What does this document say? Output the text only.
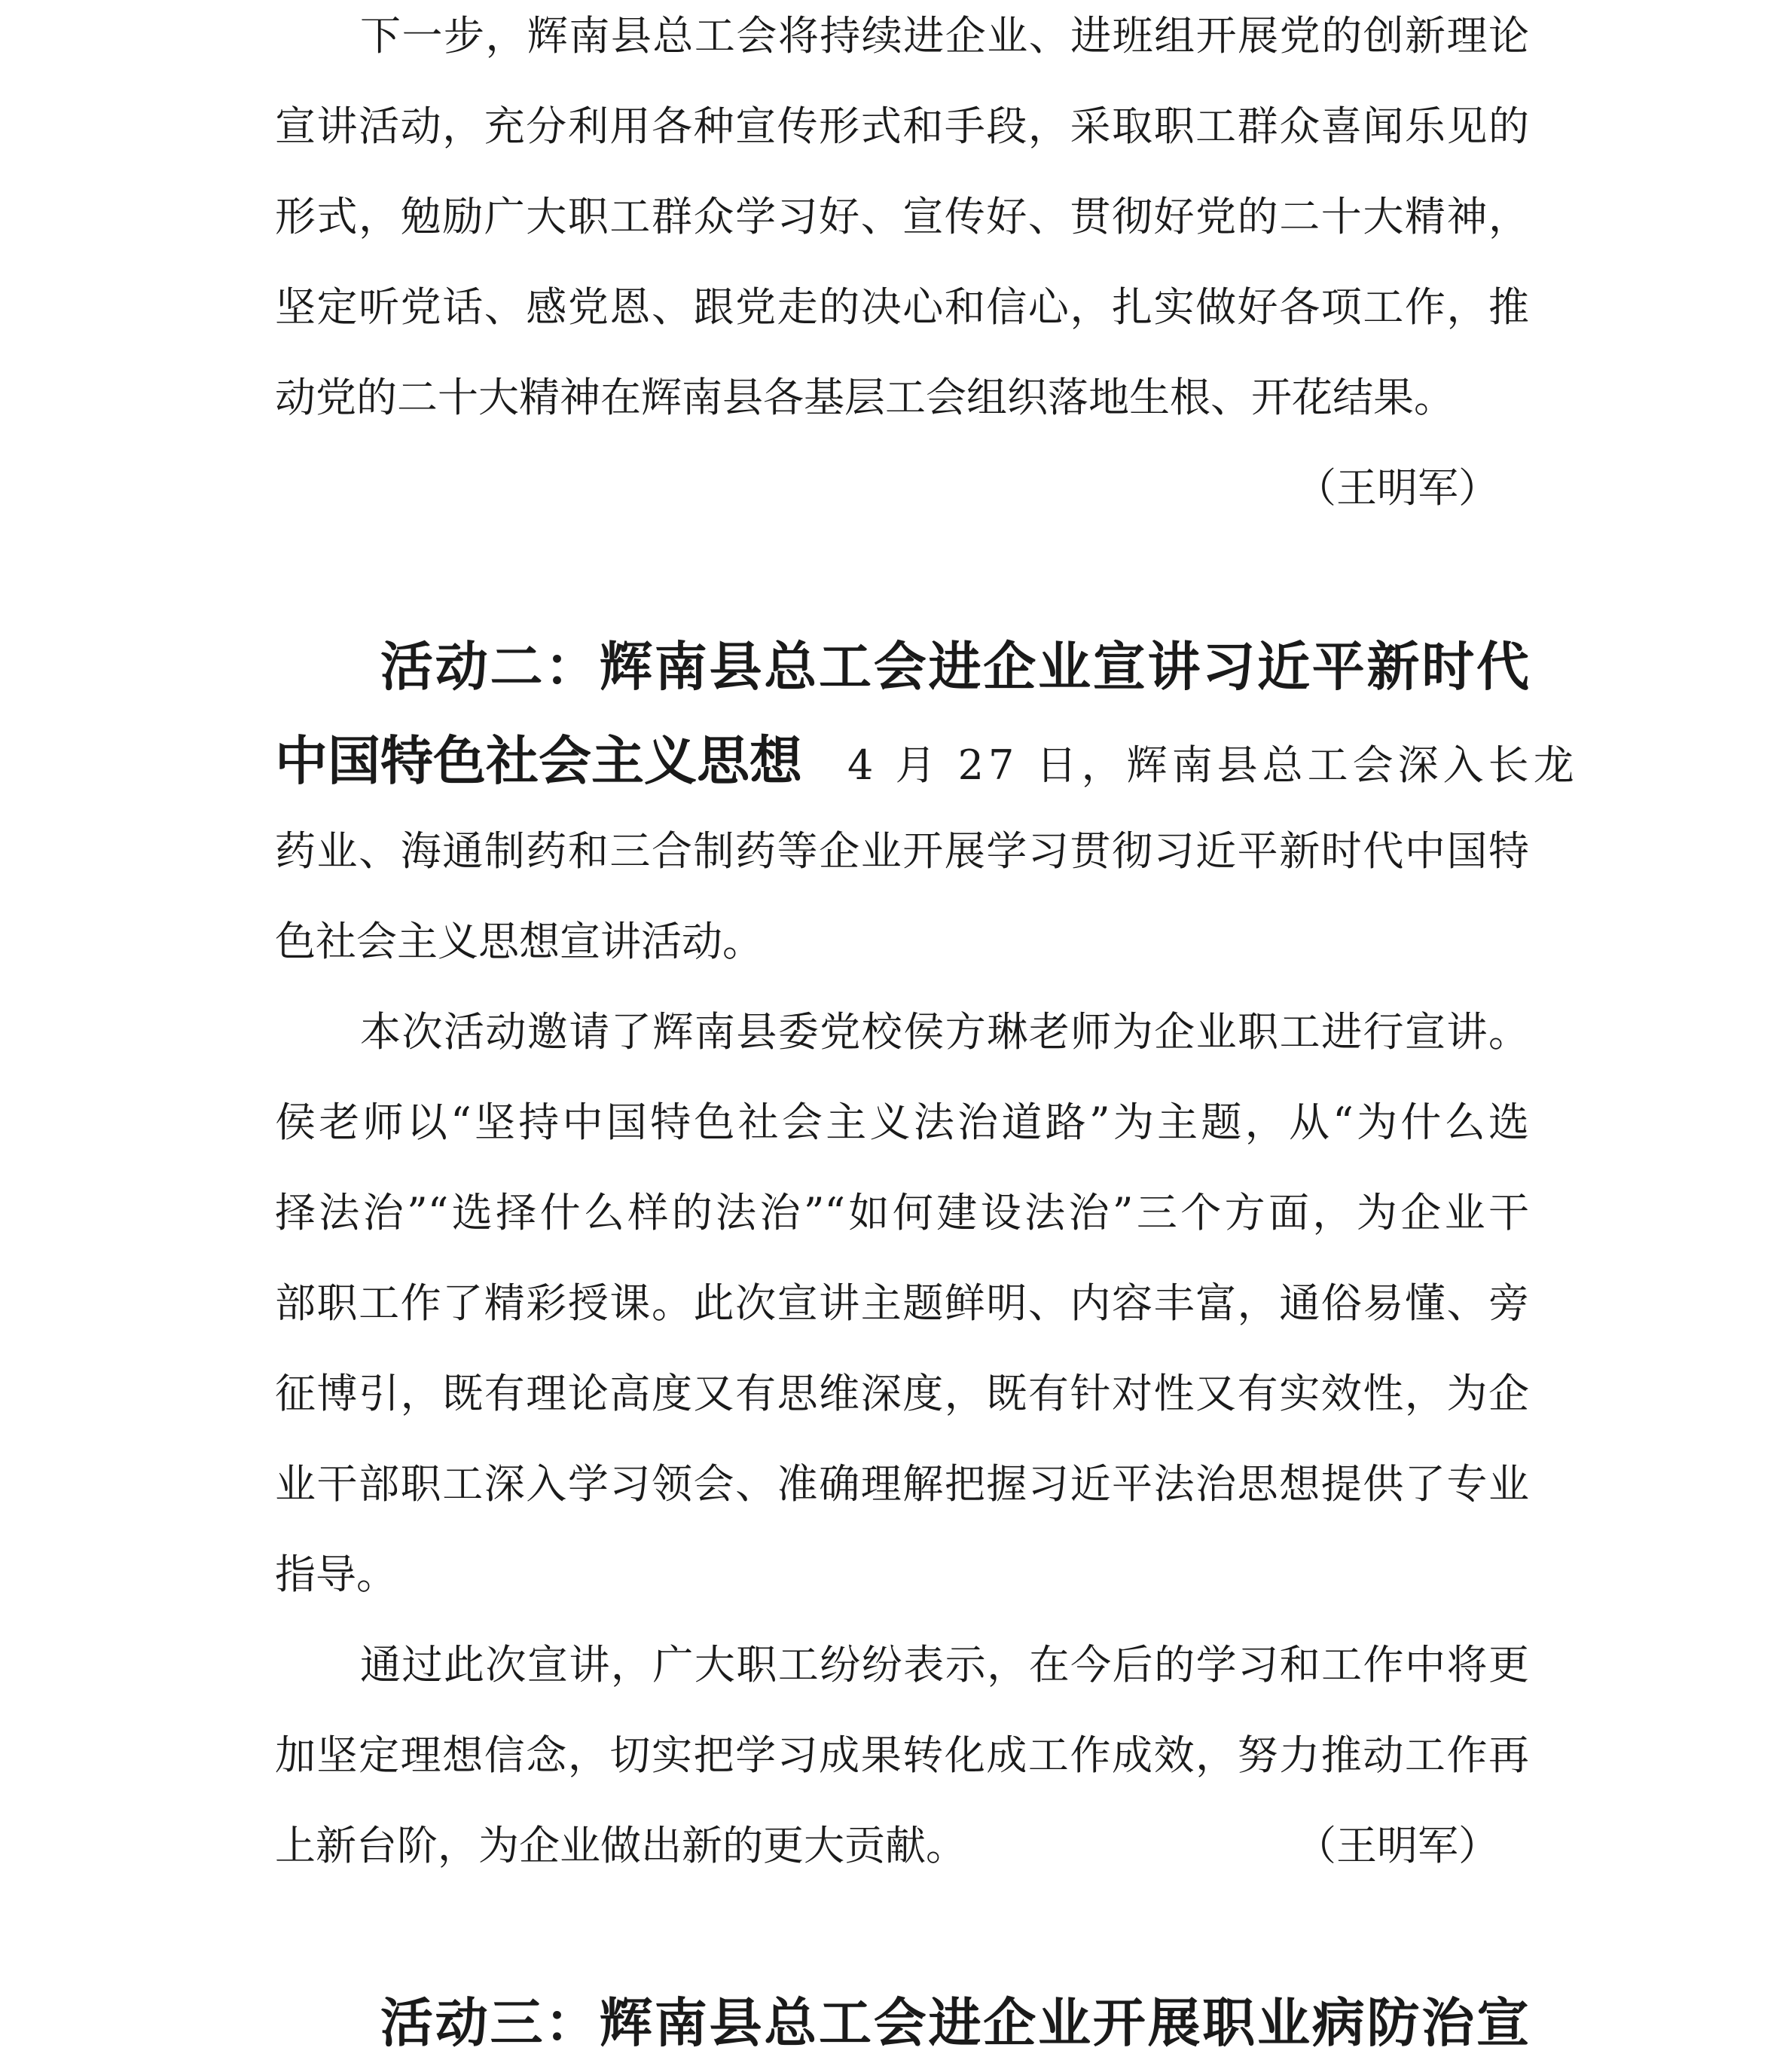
下一步，辉南县总工会将持续进企业、进班组开展党的创新理论
宣讲活动，充分利用各种宣传形式和手段，采取职工群众喜闻乐见的
形式，勉励广大职工群众学习好、宣传好、贯彻好党的二十大精神，
坚定听党话、感党恩、跟党走的决心和信心，扎实做好各项工作，推
动党的二十大精神在辉南县各基层工会组织落地生根、开花结果。
（王明军）
活动二：辉南县总工会进企业宣讲习近平新时代
中国特色社会主义思想 4 月 27 日，辉南县总工会深入长龙
药业、海通制药和三合制药等企业开展学习贯彻习近平新时代中国特
色社会主义思想宣讲活动。
本次活动邀请了辉南县委党校侯方琳老师为企业职工进行宣讲。
侯老师以“坚持中国特色社会主义法治道路”为主题，从“为什么选
择法治”“选择什么样的法治”“如何建设法治”三个方面，为企业干
部职工作了精彩授课。此次宣讲主题鲜明、内容丰富，通俗易懂、旁
征博引，既有理论高度又有思维深度，既有针对性又有实效性，为企
业干部职工深入学习领会、准确理解把握习近平法治思想提供了专业
指导。
通过此次宣讲，广大职工纷纷表示，在今后的学习和工作中将更
加坚定理想信念，切实把学习成果转化成工作成效，努力推动工作再
上新台阶，为企业做出新的更大贡献。	（王明军）
活动三：辉南县总工会进企业开展职业病防治宣
